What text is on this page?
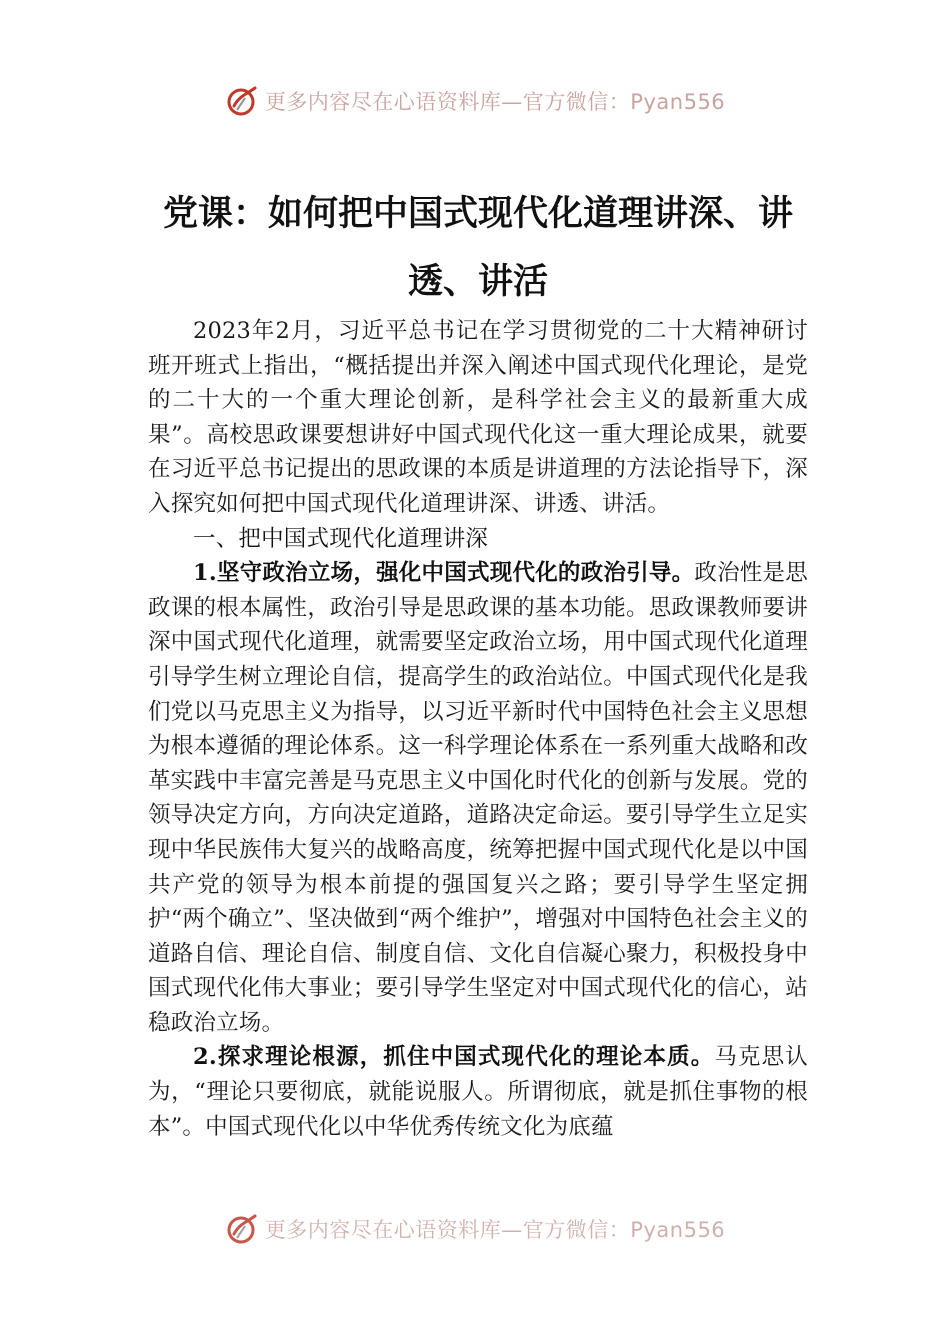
更多内容尽在心语资料库—官方微信：Pyan556
党课：如何把中国式现代化道理讲深、讲透、讲活

2023年2月，习近平总书记在学习贯彻党的二十大精神研讨班开班式上指出，“概括提出并深入阐述中国式现代化理论，是党的二十大的一个重大理论创新，是科学社会主义的最新重大成果”。高校思政课要想讲好中国式现代化这一重大理论成果，就要在习近平总书记提出的思政课的本质是讲道理的方法论指导下，深入探究如何把中国式现代化道理讲深、讲透、讲活。

一、把中国式现代化道理讲深

1.坚守政治立场，强化中国式现代化的政治引导。政治性是思政课的根本属性，政治引导是思政课的基本功能。思政课教师要讲深中国式现代化道理，就需要坚定政治立场，用中国式现代化道理引导学生树立理论自信，提高学生的政治站位。中国式现代化是我们党以马克思主义为指导，以习近平新时代中国特色社会主义思想为根本遵循的理论体系。这一科学理论体系在一系列重大战略和改革实践中丰富完善是马克思主义中国化时代化的创新与发展。党的领导决定方向，方向决定道路，道路决定命运。要引导学生立足实现中华民族伟大复兴的战略高度，统筹把握中国式现代化是以中国共产党的领导为根本前提的强国复兴之路；要引导学生坚定拥护“两个确立”、坚决做到“两个维护”，增强对中国特色社会主义的道路自信、理论自信、制度自信、文化自信凝心聚力，积极投身中国式现代化伟大事业；要引导学生坚定对中国式现代化的信心，站稳政治立场。

2.探求理论根源，抓住中国式现代化的理论本质。马克思认为，“理论只要彻底，就能说服人。所谓彻底，就是抓住事物的根本”。中国式现代化以中华优秀传统文化为底蕴

更多内容尽在心语资料库—官方微信：Pyan556
